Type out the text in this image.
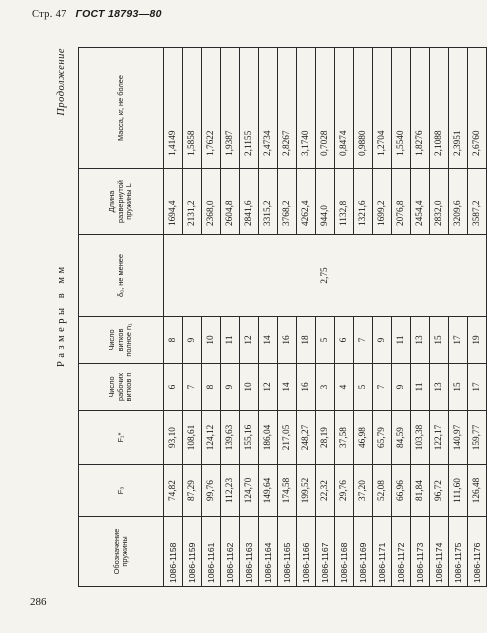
Стр. 47 ГОСТ 18793—80
Продолжение
Размеры в мм
Обозначение пружины	F₃	F₁*	Число рабочих витков n	Число витков полное n₁	δ₀, не менее	Длина развернутой пружины L	Масса, кг, не более
1086-1158	74,82	93,10	6	8	2,75	1694,4	1,4149
1086-1159	87,29	108,61	7	9		2131,2	1,5858
1086-1161	99,76	124,12	8	10		2368,0	1,7622
1086-1162	112,23	139,63	9	11		2604,8	1,9387
1086-1163	124,70	155,16	10	12		2841,6	2,1155
1086-1164	149,64	186,04	12	14		3315,2	2,4734
1086-1165	174,58	217,05	14	16		3768,2	2,8267
1086-1166	199,52	248,27	16	18		4262,4	3,1740
1086-1167	22,32	28,19	3	5		944,0	0,7028
1086-1168	29,76	37,58	4	6		1132,8	0,8474
1086-1169	37,20	46,98	5	7		1321,6	0,9880
1086-1171	52,08	65,79	7	9		1699,2	1,2704
1086-1172	66,96	84,59	9	11		2076,8	1,5540
1086-1173	81,84	103,38	11	13		2454,4	1,8276
1086-1174	96,72	122,17	13	15		2832,0	2,1088
1086-1175	111,60	140,97	15	17		3209,6	2,3951
1086-1176	126,48	159,77	17	19		3587,2	2,6760
286
